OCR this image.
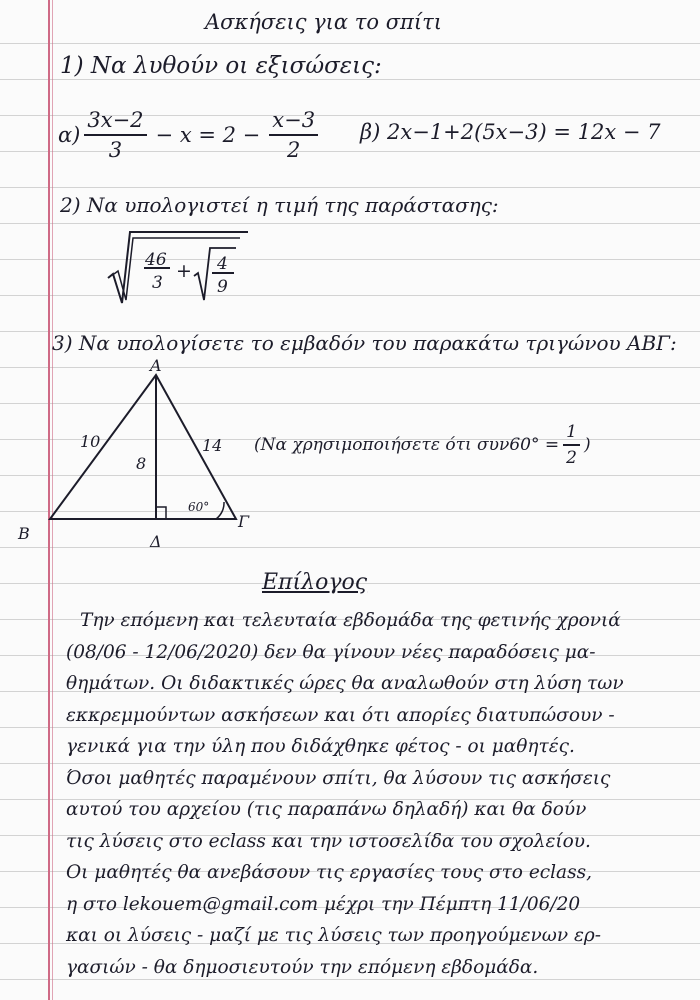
Ασκήσεις για το σπίτι
1) Να λυθούν οι εξισώσεις:
$\alpha) \frac{3x-2}{3} - x = 2 - \frac{x-3}{2} \beta$) 2x−1+2(5x−3) = 12x − 7
2) Να υπολογιστεί η τιμή της παράστασης:
46
3
+ 4
9
3) Να υπολογίσετε το εμβαδόν του παρακάτω τριγώνου ΑΒΓ:
Α
Β
Γ
Δ
10	14
8
60°
(Να χρησιμοποιήσετε ότι $\sigma\upsilon\nu 60^\circ = \frac{1}{2}$ )
Επίλογος
Την επόμενη και τελευταία εβδομάδα της φετινής χρονιά
(08/06 - 12/06/2020) δεν θα γίνουν νέες παραδόσεις μα-
θημάτων. Οι διδακτικές ώρες θα αναλωθούν στη λύση των
εκκρεμμούντων ασκήσεων και ότι απορίες διατυπώσουν -
γενικά για την ύλη που διδάχθηκε φέτος - οι μαθητές.
Όσοι μαθητές παραμένουν σπίτι, θα λύσουν τις ασκήσεις
αυτού του αρχείου (τις παραπάνω δηλαδή) και θα δούν
τις λύσεις στο eclass και την ιστοσελίδα του σχολείου.
Οι μαθητές θα ανεβάσουν τις εργασίες τους στο eclass,
η στο lekouem@gmail.com μέχρι την Πέμπτη 11/06/20
και οι λύσεις - μαζί με τις λύσεις των προηγούμενων ερ-
γασιών - θα δημοσιευτούν την επόμενη εβδομάδα.
